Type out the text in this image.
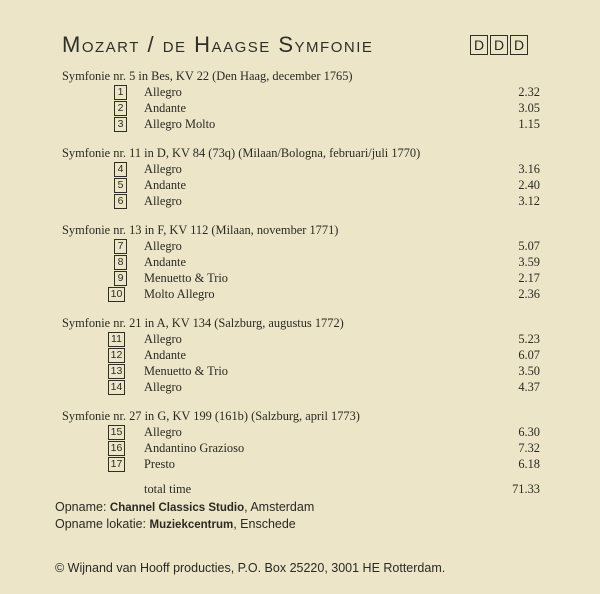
Mozart / de Haagse Symfonie	D D D
Symfonie nr. 5 in Bes, KV 22 (Den Haag, december 1765)
1 Allegro	2.32
2 Andante	3.05
3 Allegro Molto	1.15
Symfonie nr. 11 in D, KV 84 (73q) (Milaan/Bologna, februari/juli 1770)
4 Allegro	3.16
5 Andante	2.40
6 Allegro	3.12
Symfonie nr. 13 in F, KV 112 (Milaan, november 1771)
7 Allegro	5.07
8 Andante	3.59
9 Menuetto & Trio	2.17
10 Molto Allegro	2.36
Symfonie nr. 21 in A, KV 134 (Salzburg, augustus 1772)
11 Allegro	5.23
12 Andante	6.07
13 Menuetto & Trio	3.50
14 Allegro	4.37
Symfonie nr. 27 in G, KV 199 (161b) (Salzburg, april 1773)
15 Allegro	6.30
16 Andantino Grazioso	7.32
17 Presto	6.18
total time	71.33
Opname: Channel Classics Studio, Amsterdam
Opname lokatie: Muziekcentrum, Enschede
© Wijnand van Hooff producties, P.O. Box 25220, 3001 HE Rotterdam.
